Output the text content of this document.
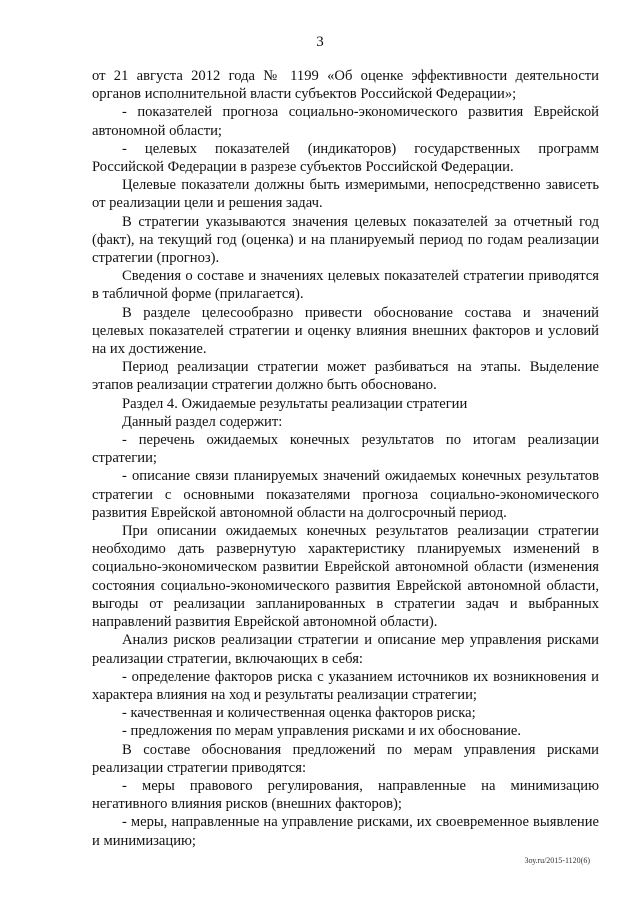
3

от 21 августа 2012 года № 1199 «Об оценке эффективности деятельности органов исполнительной власти субъектов Российской Федерации»;

- показателей прогноза социально-экономического развития Еврейской автономной области;

- целевых показателей (индикаторов) государственных программ Российской Федерации в разрезе субъектов Российской Федерации.

Целевые показатели должны быть измеримыми, непосредственно зависеть от реализации цели и решения задач.

В стратегии указываются значения целевых показателей за отчетный год (факт), на текущий год (оценка) и на планируемый период по годам реализации стратегии (прогноз).

Сведения о составе и значениях целевых показателей стратегии приводятся в табличной форме (прилагается).

В разделе целесообразно привести обоснование состава и значений целевых показателей стратегии и оценку влияния внешних факторов и условий на их достижение.

Период реализации стратегии может разбиваться на этапы. Выделение этапов реализации стратегии должно быть обосновано.

Раздел 4. Ожидаемые результаты реализации стратегии

Данный раздел содержит:

- перечень ожидаемых конечных результатов по итогам реализации стратегии;

- описание связи планируемых значений ожидаемых конечных результатов стратегии с основными показателями прогноза социально-экономического развития Еврейской автономной области на долгосрочный период.

При описании ожидаемых конечных результатов реализации стратегии необходимо дать развернутую характеристику планируемых изменений в социально-экономическом развитии Еврейской автономной области (изменения состояния социально-экономического развития Еврейской автономной области, выгоды от реализации запланированных в стратегии задач и выбранных направлений развития Еврейской автономной области).

Анализ рисков реализации стратегии и описание мер управления рисками реализации стратегии, включающих в себя:

- определение факторов риска с указанием источников их возникновения и характера влияния на ход и результаты реализации стратегии;

- качественная и количественная оценка факторов риска;

- предложения по мерам управления рисками и их обоснование.

В составе обоснования предложений по мерам управления рисками реализации стратегии приводятся:

- меры правового регулирования, направленные на минимизацию негативного влияния рисков (внешних факторов);

- меры, направленные на управление рисками, их своевременное выявление и минимизацию;

3оу.ru/2015-1120(6)
